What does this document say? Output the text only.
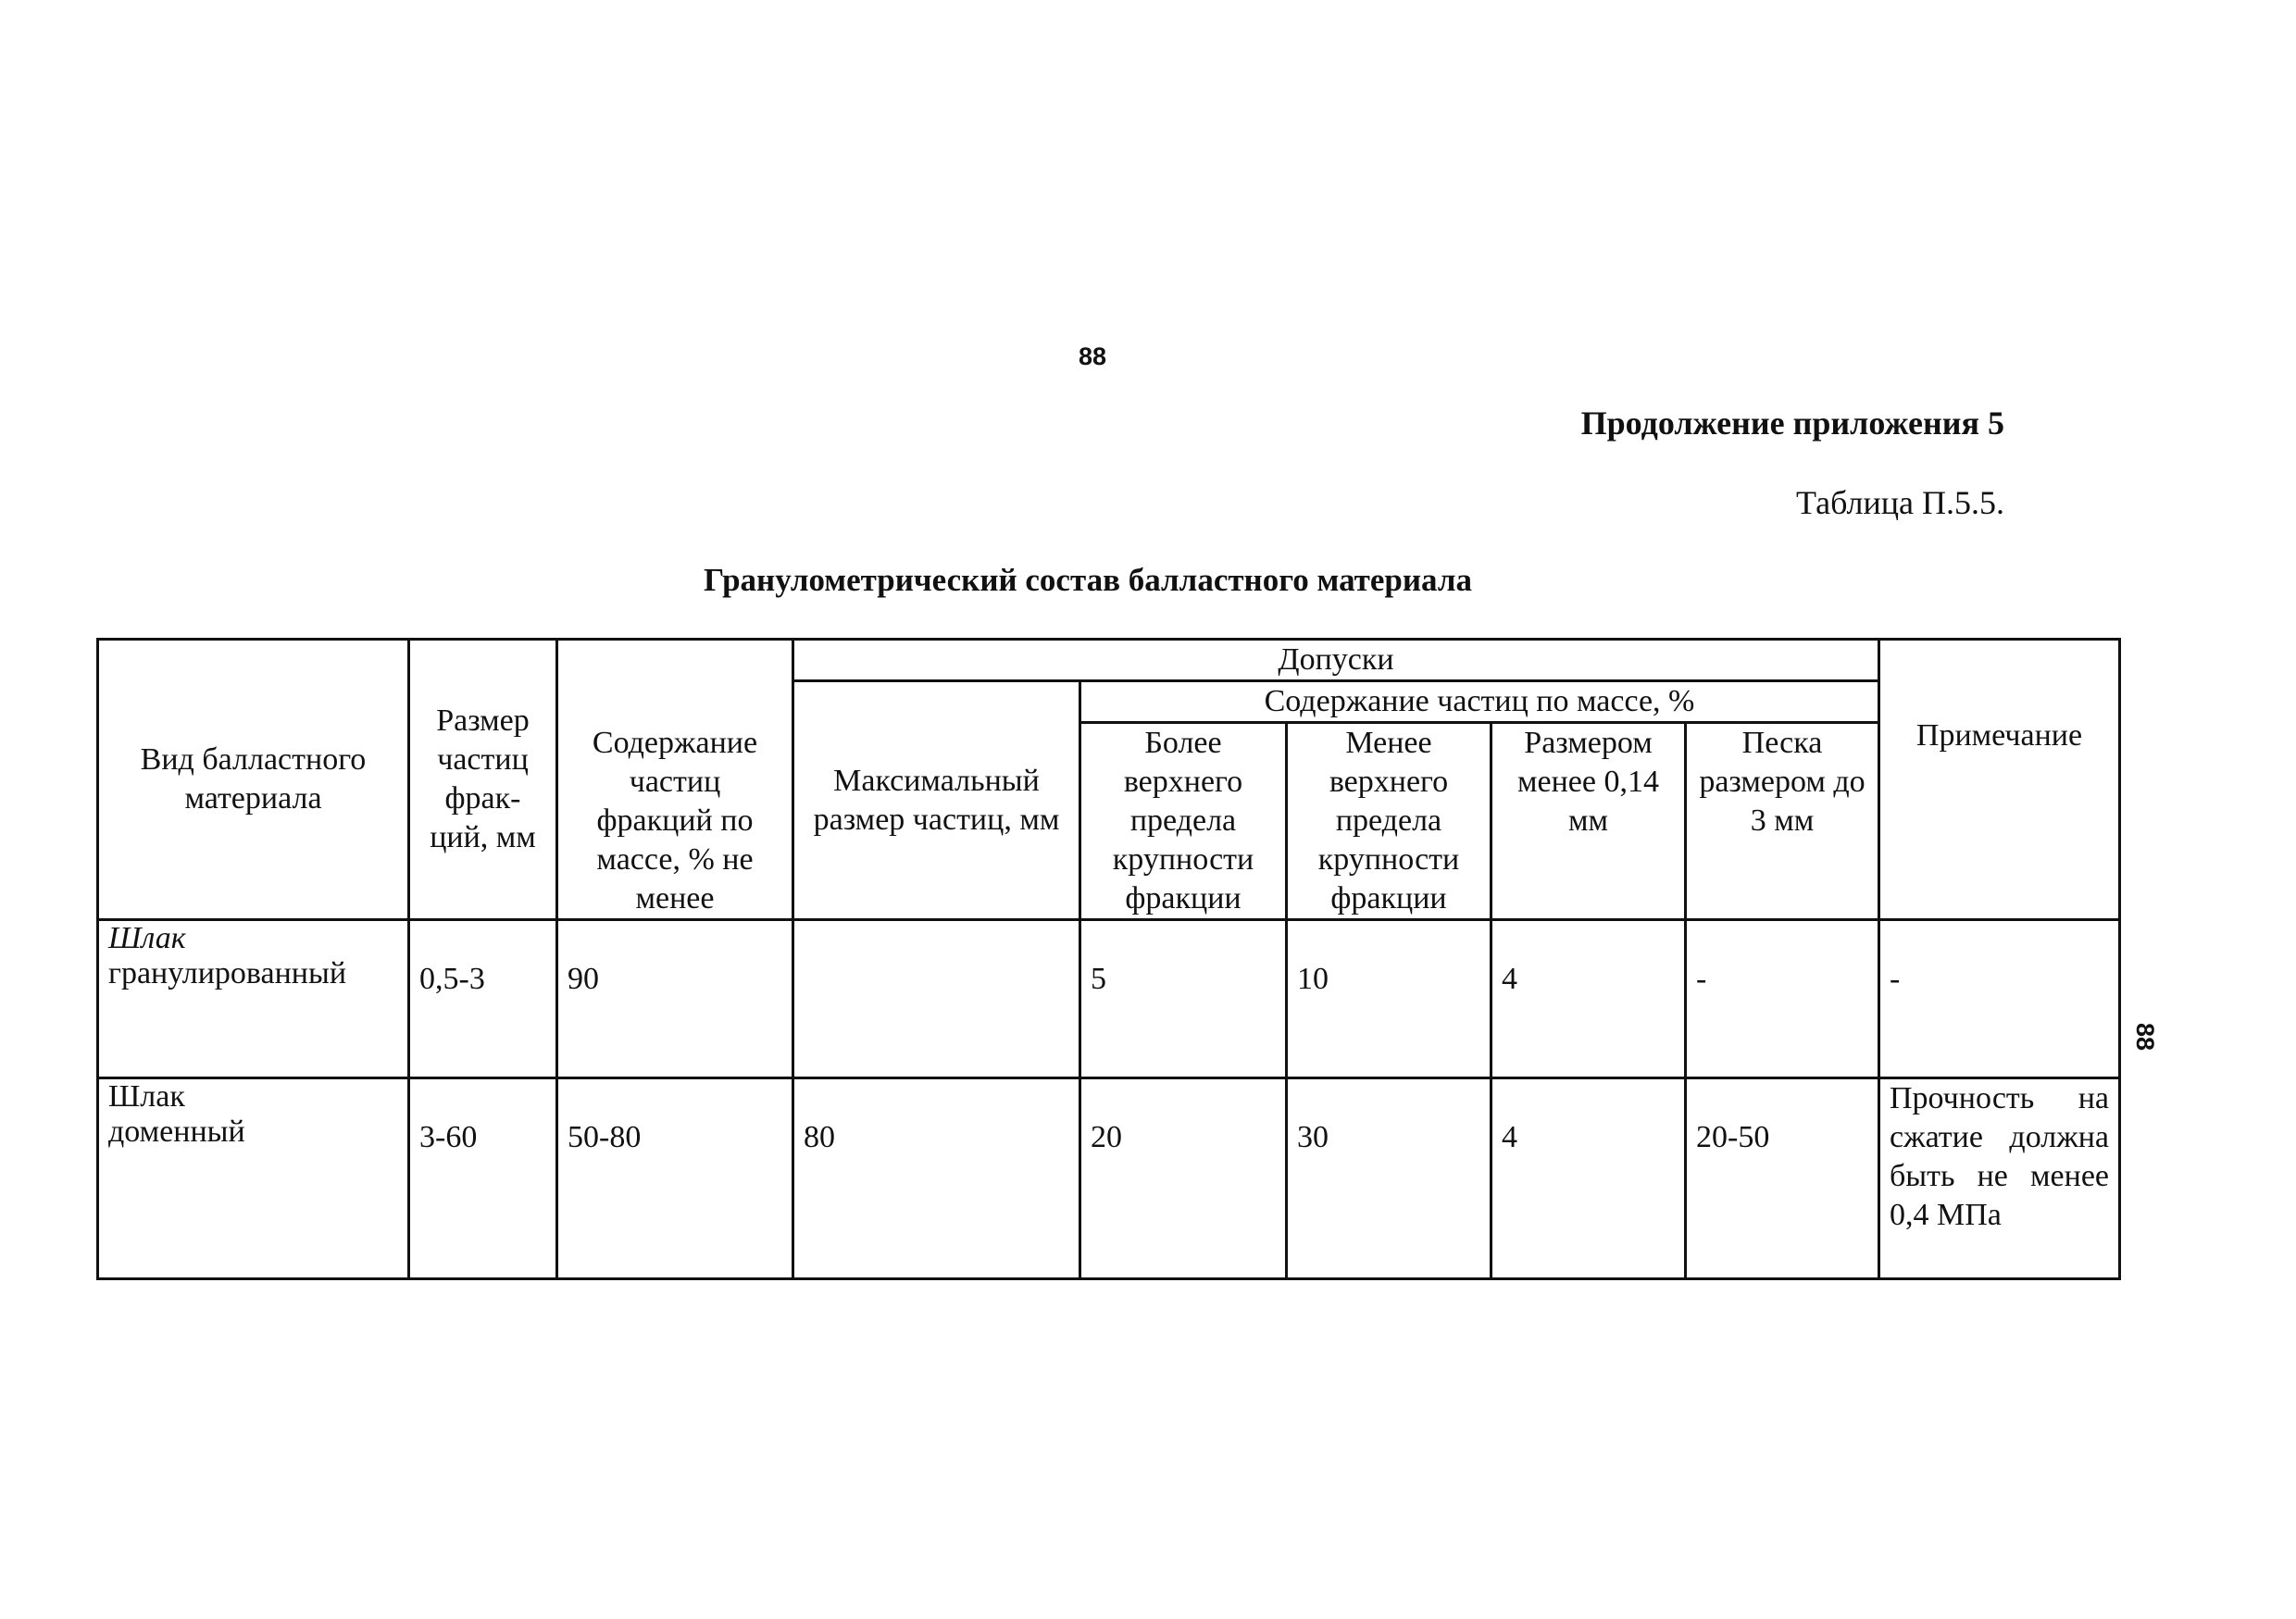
88
88
Продолжение приложения 5
Таблица П.5.5.
Гранулометрический состав балластного материала
Вид балластного материала	Размер частиц фрак-ций, мм	Содержание частиц фракций по массе, % не менее	Допуски					Примечание
			Максимальный размер частиц, мм	Содержание частиц по массе, %				
				Более верхнего предела крупности фракции	Менее верхнего предела крупности фракции	Размером менее 0,14 мм	Песка размером до 3 мм	

Шлак
гранулированный	0,5-3	90		5	10	4	-	-

Шлак
доменный	3-60	50-80	80	20	30	4	20-50	Прочность на сжатие должна быть не менее 0,4 МПа
